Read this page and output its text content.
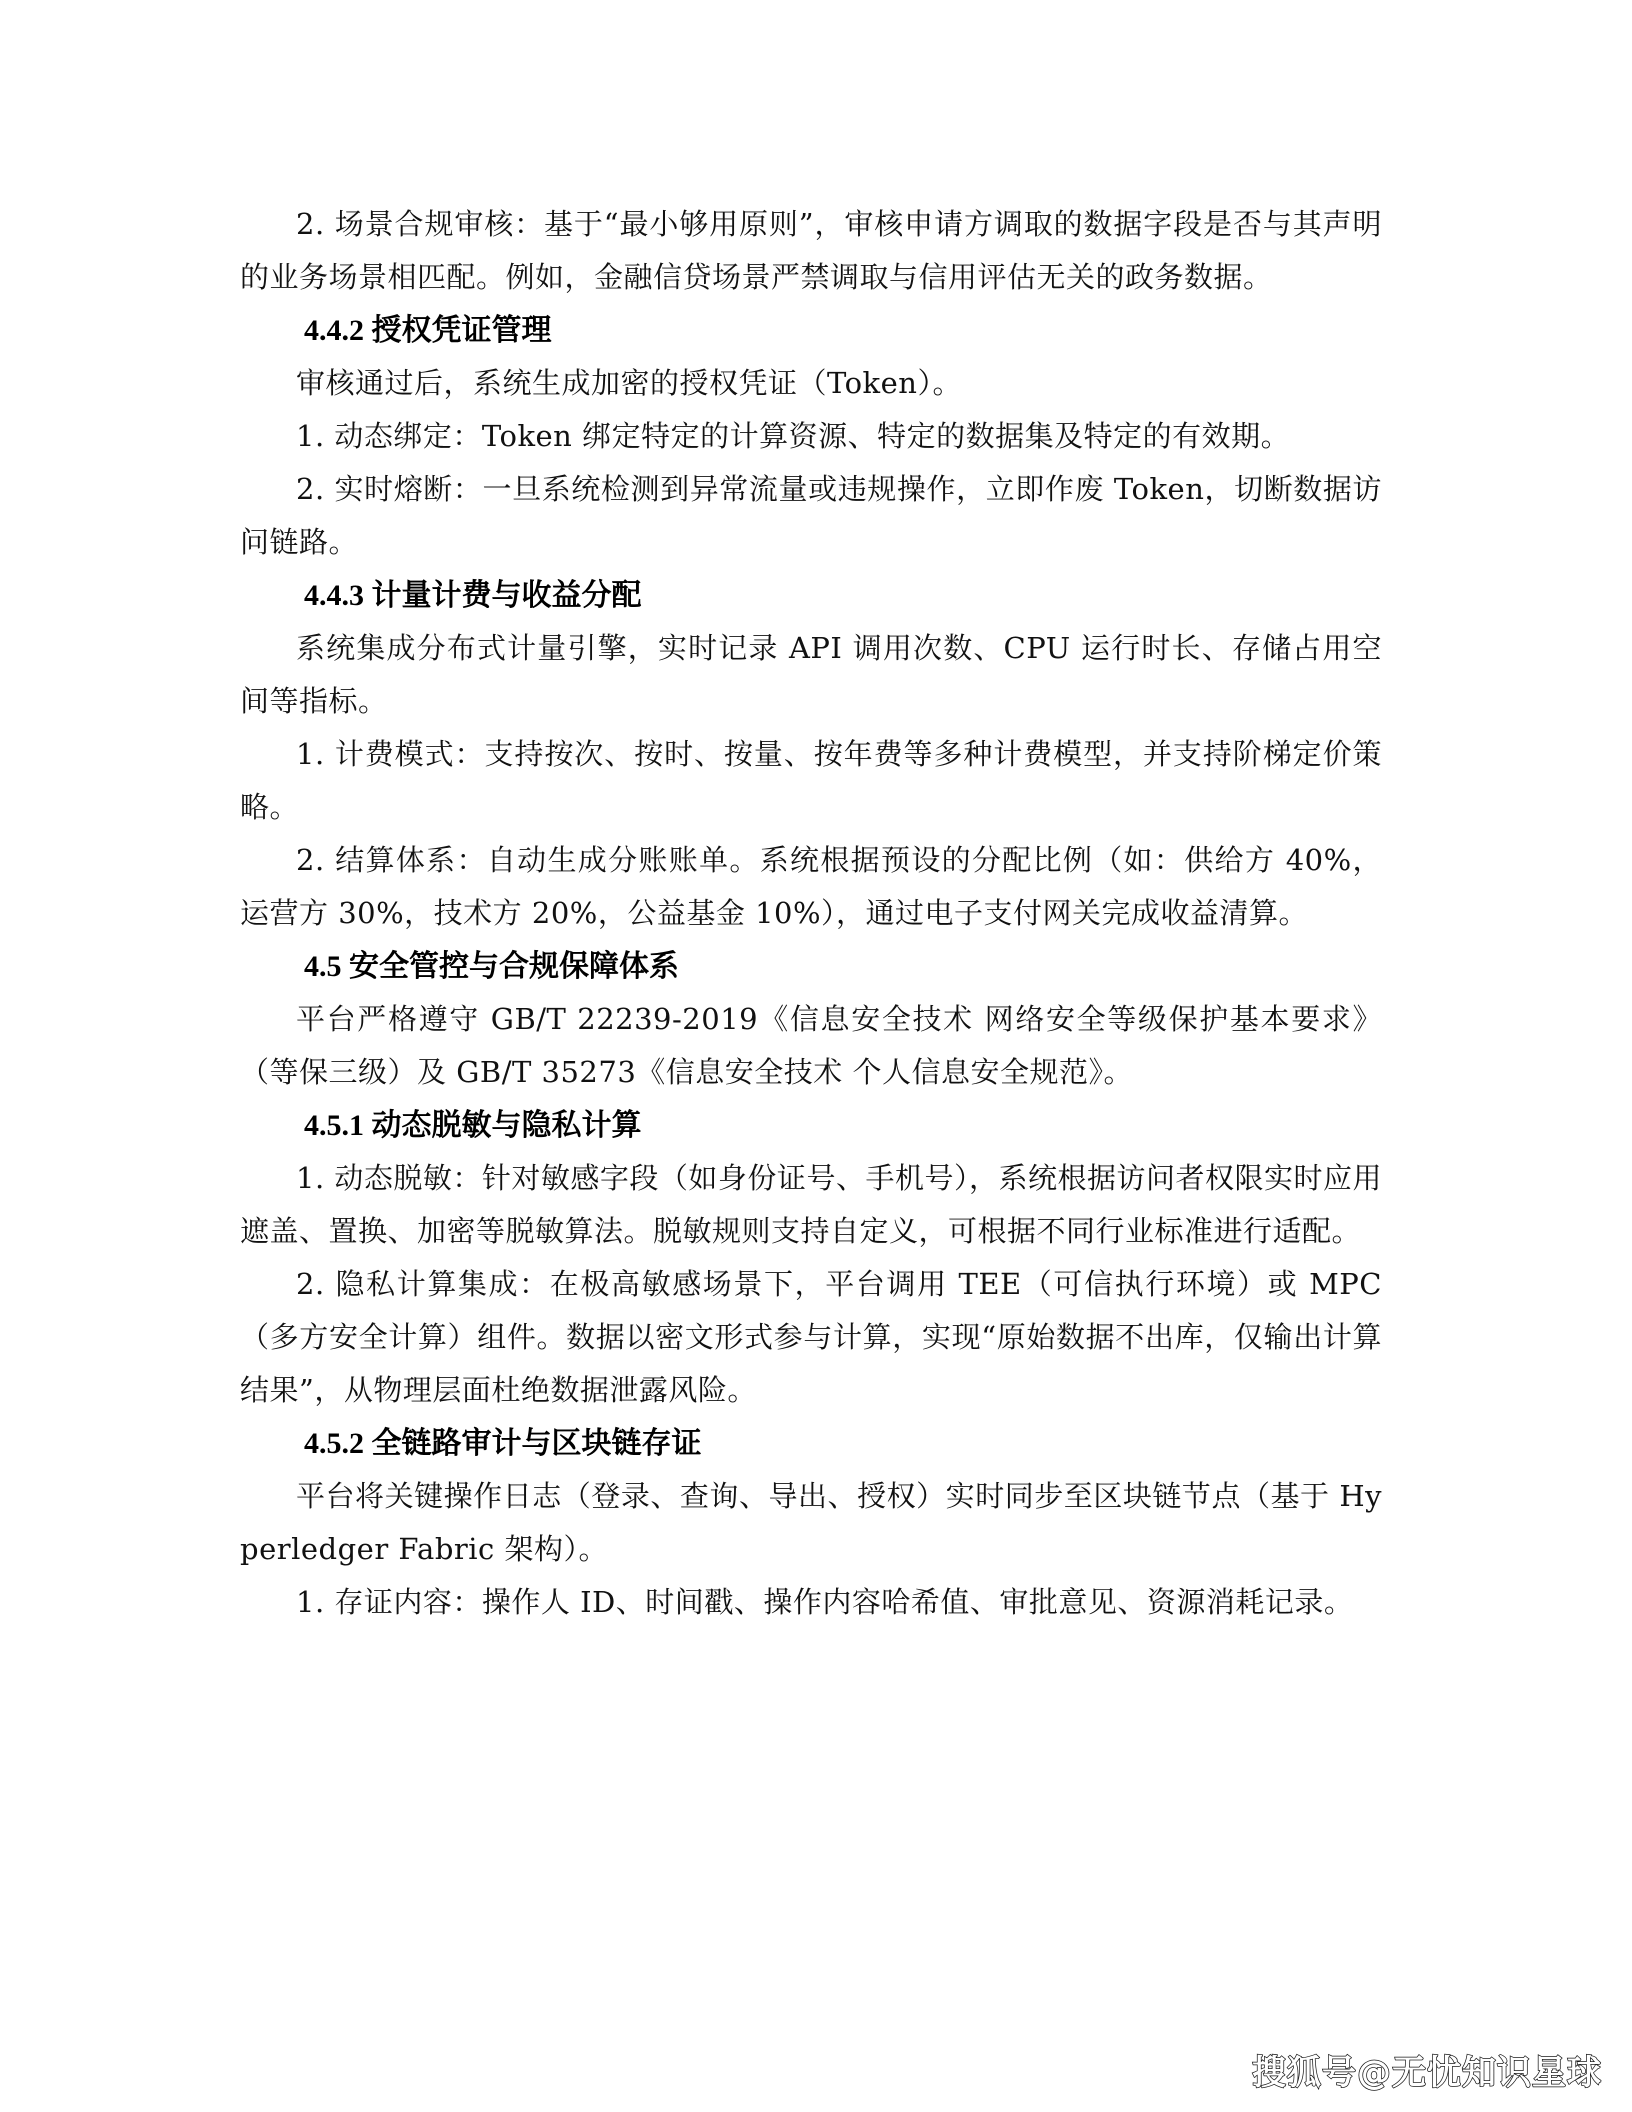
2. 场景合规审核：基于“最小够用原则”，审核申请方调取的数据字段是否与其声明的业务场景相匹配。例如，金融信贷场景严禁调取与信用评估无关的政务数据。

4.4.2 授权凭证管理

审核通过后，系统生成加密的授权凭证（Token）。

1. 动态绑定：Token 绑定特定的计算资源、特定的数据集及特定的有效期。

2. 实时熔断：一旦系统检测到异常流量或违规操作，立即作废 Token，切断数据访问链路。

4.4.3 计量计费与收益分配

系统集成分布式计量引擎，实时记录 API 调用次数、CPU 运行时长、存储占用空间等指标。

1. 计费模式：支持按次、按时、按量、按年费等多种计费模型，并支持阶梯定价策略。

2. 结算体系：自动生成分账账单。系统根据预设的分配比例（如：供给方 40%，运营方 30%，技术方 20%，公益基金 10%），通过电子支付网关完成收益清算。

4.5 安全管控与合规保障体系

平台严格遵守 GB/T 22239-2019《信息安全技术 网络安全等级保护基本要求》（等保三级）及 GB/T 35273《信息安全技术 个人信息安全规范》。

4.5.1 动态脱敏与隐私计算

1. 动态脱敏：针对敏感字段（如身份证号、手机号），系统根据访问者权限实时应用遮盖、置换、加密等脱敏算法。脱敏规则支持自定义，可根据不同行业标准进行适配。

2. 隐私计算集成：在极高敏感场景下，平台调用 TEE（可信执行环境）或 MPC（多方安全计算）组件。数据以密文形式参与计算，实现“原始数据不出库，仅输出计算结果”，从物理层面杜绝数据泄露风险。

4.5.2 全链路审计与区块链存证

平台将关键操作日志（登录、查询、导出、授权）实时同步至区块链节点（基于 Hyperledger Fabric 架构）。

1. 存证内容：操作人 ID、时间戳、操作内容哈希值、审批意见、资源消耗记录。

搜狐号@无忧知识星球
